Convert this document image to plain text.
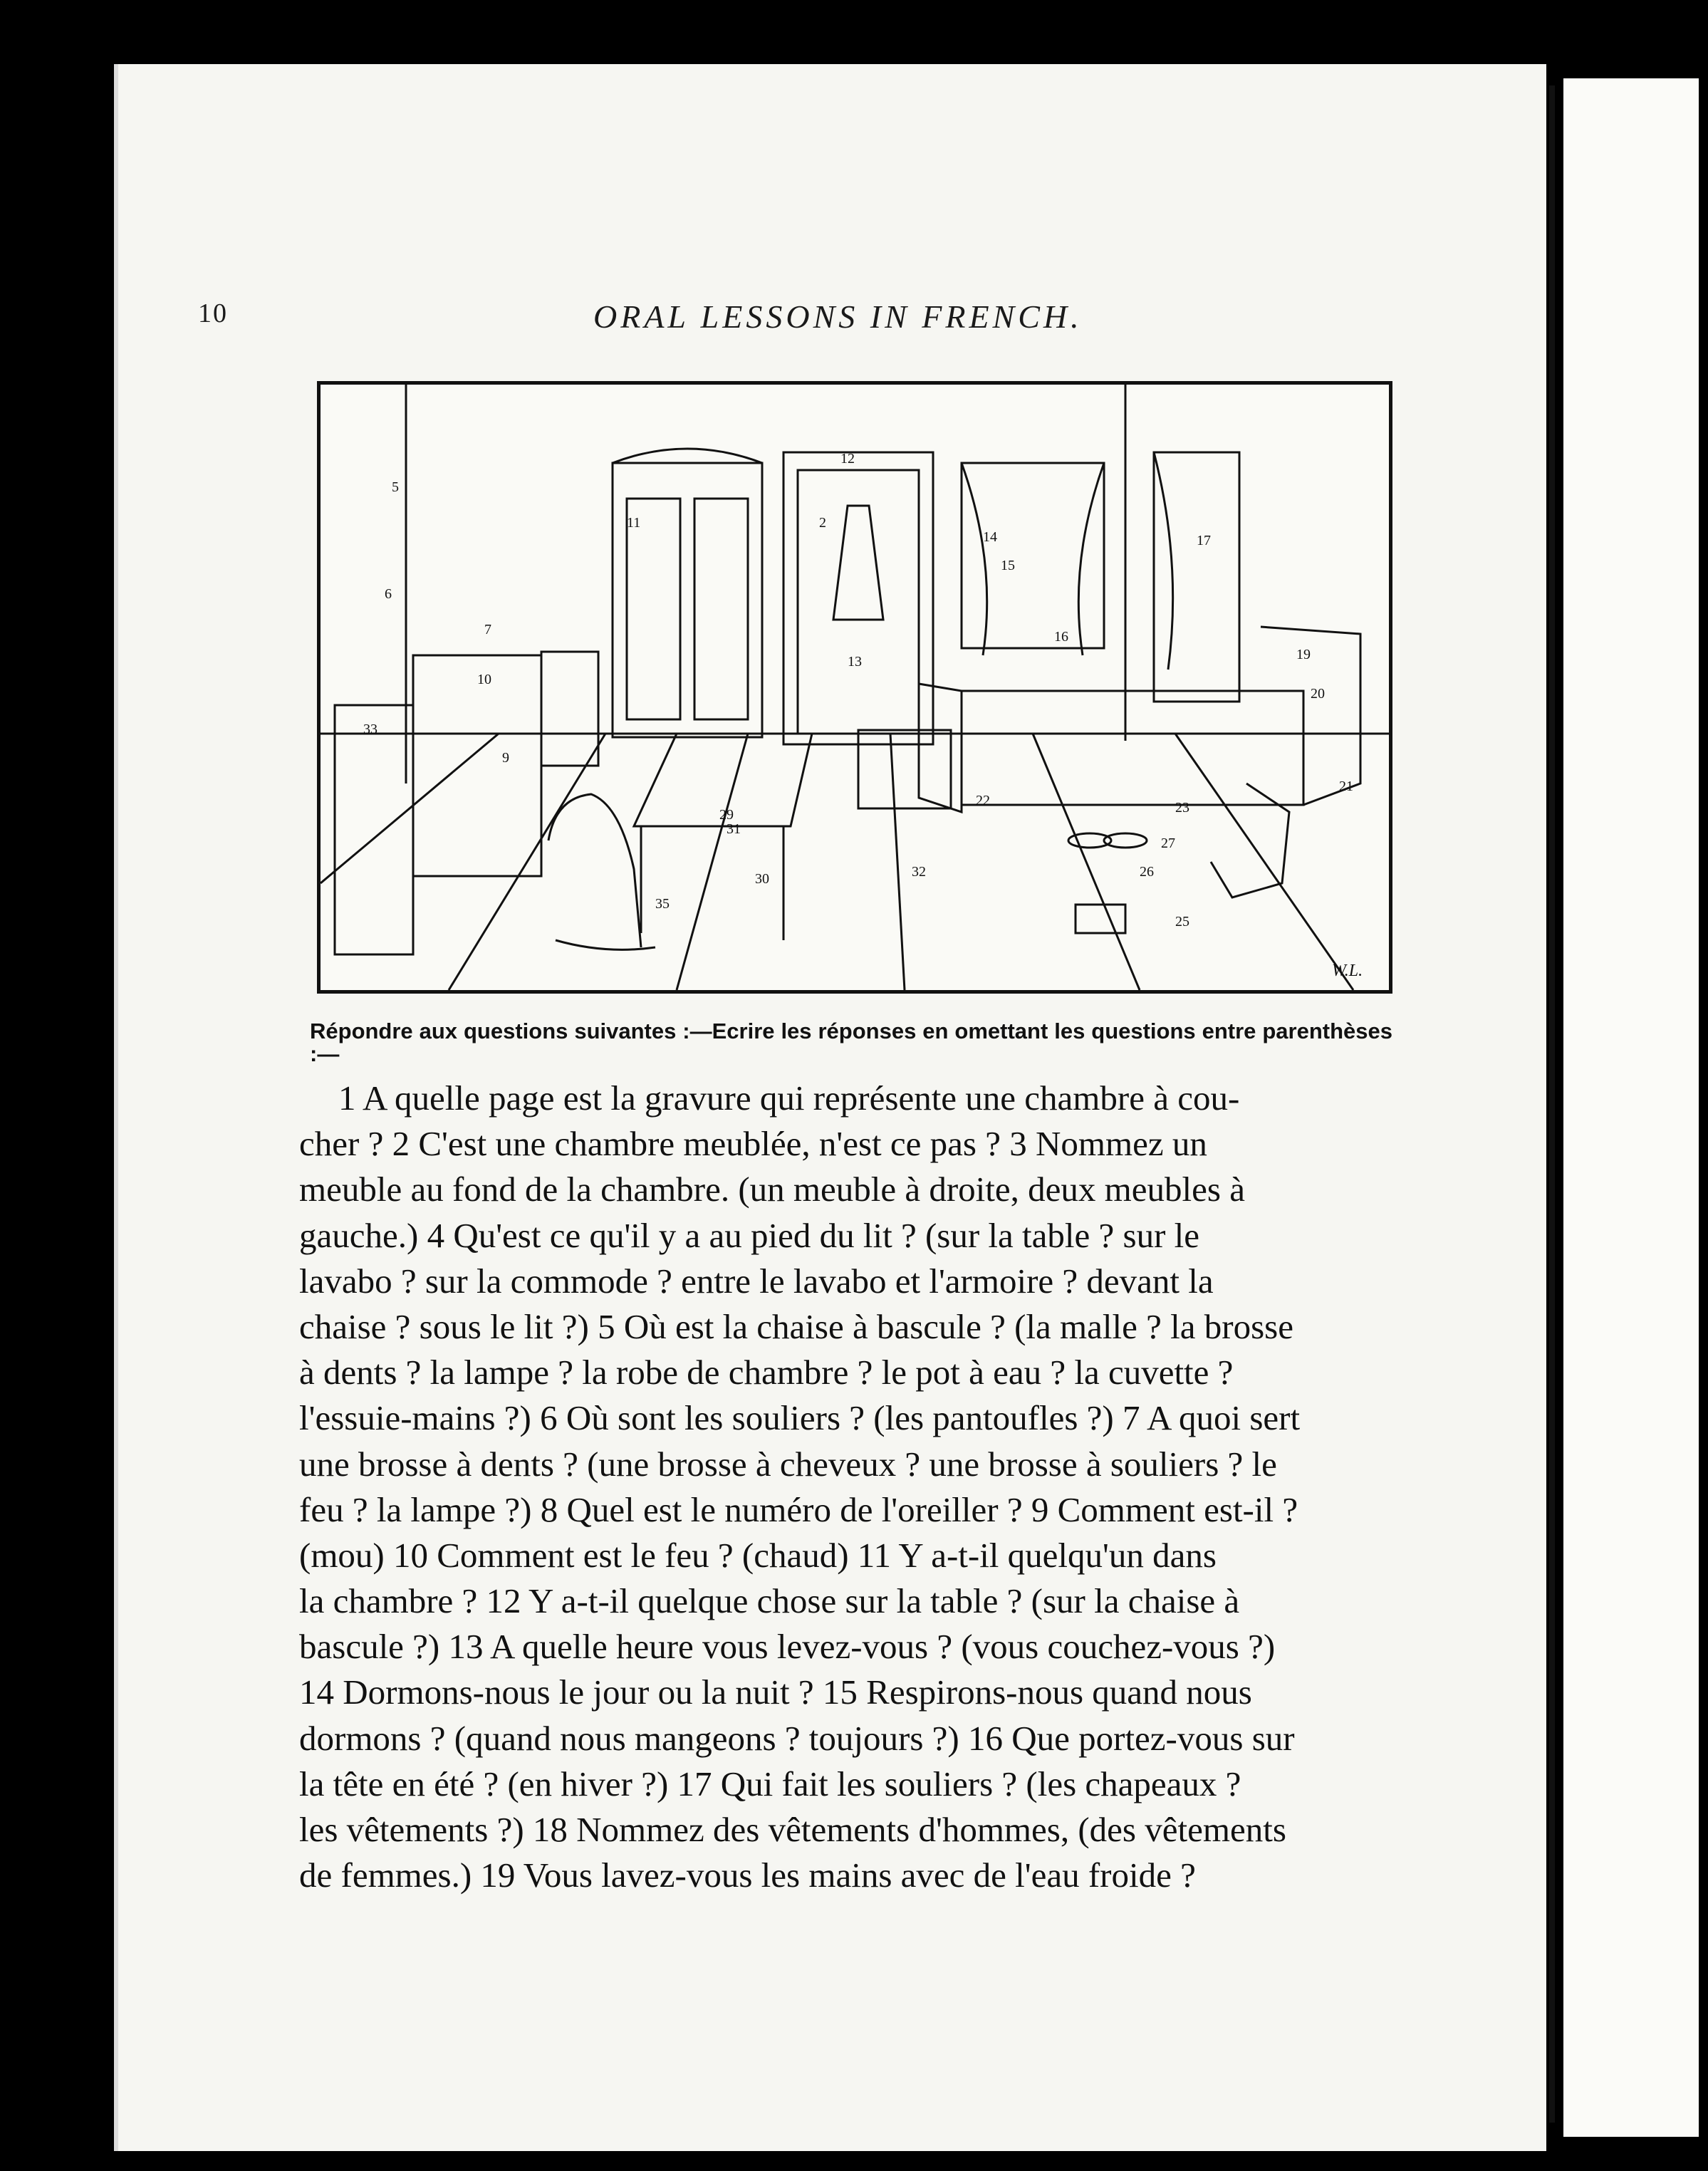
10	ORAL LESSONS IN FRENCH.
2
5
6
7
9
10
11
12
13
14
15
16
17
19
20
21
22	23
25
26
27
29
30
31
33
35
32
W.L.
Répondre aux questions suivantes :—Ecrire les réponses en omettant les questions entre parenthèses :—
1 A quelle page est la gravure qui représente une chambre à cou-
cher ? 2 C'est une chambre meublée, n'est ce pas ? 3 Nommez un
meuble au fond de la chambre. (un meuble à droite, deux meubles à
gauche.) 4 Qu'est ce qu'il y a au pied du lit ? (sur la table ? sur le
lavabo ? sur la commode ? entre le lavabo et l'armoire ? devant la
chaise ? sous le lit ?) 5 Où est la chaise à bascule ? (la malle ? la brosse
à dents ? la lampe ? la robe de chambre ? le pot à eau ? la cuvette ?
l'essuie-mains ?) 6 Où sont les souliers ? (les pantoufles ?) 7 A quoi sert
une brosse à dents ? (une brosse à cheveux ? une brosse à souliers ? le
feu ? la lampe ?) 8 Quel est le numéro de l'oreiller ? 9 Comment est-il ?
(mou) 10 Comment est le feu ? (chaud) 11 Y a-t-il quelqu'un dans
la chambre ? 12 Y a-t-il quelque chose sur la table ? (sur la chaise à
bascule ?) 13 A quelle heure vous levez-vous ? (vous couchez-vous ?)
14 Dormons-nous le jour ou la nuit ? 15 Respirons-nous quand nous
dormons ? (quand nous mangeons ? toujours ?) 16 Que portez-vous sur
la tête en été ? (en hiver ?) 17 Qui fait les souliers ? (les chapeaux ?
les vêtements ?) 18 Nommez des vêtements d'hommes, (des vêtements
de femmes.) 19 Vous lavez-vous les mains avec de l'eau froide ?
